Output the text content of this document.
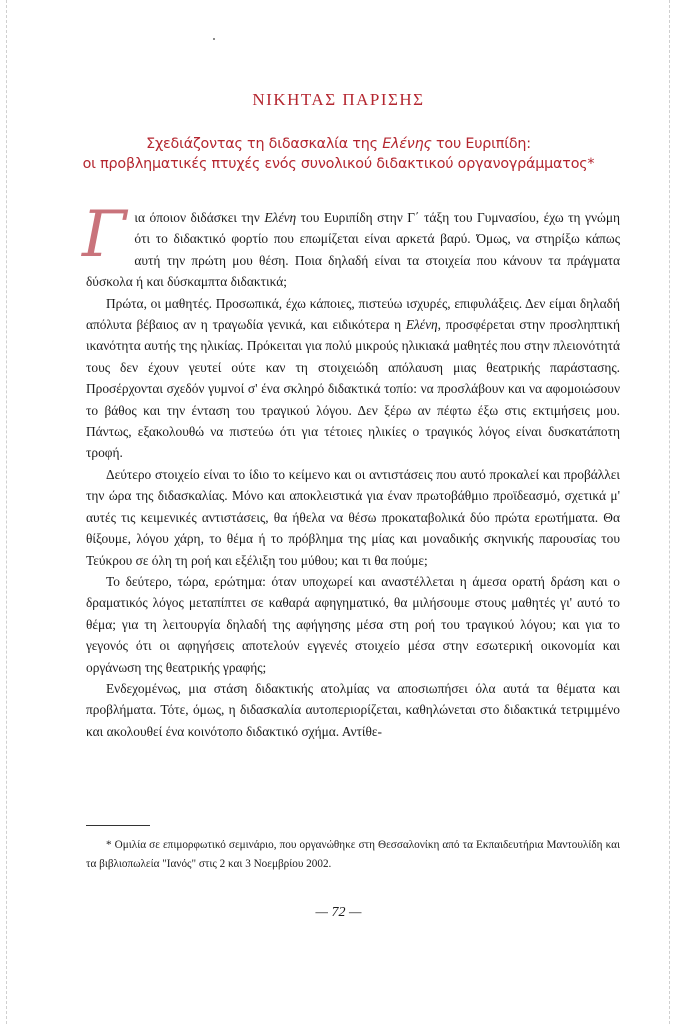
ΝΙΚΗΤΑΣ ΠΑΡΙΣΗΣ
Σχεδιάζοντας τη διδασκαλία της Ελένης του Ευριπίδη:
οι προβληματικές πτυχές ενός συνολικού διδακτικού οργανογράμματος*

Για όποιον διδάσκει την Ελένη του Ευριπίδη στην Γ΄ τάξη του Γυμνασίου, έχω τη γνώμη ότι το διδακτικό φορτίο που επωμίζεται είναι αρκετά βαρύ. Όμως, να στηρίξω κάπως αυτή την πρώτη μου θέση. Ποια δηλαδή είναι τα στοιχεία που κάνουν τα πράγματα δύσκολα ή και δύσκαμπτα διδακτικά;

Πρώτα, οι μαθητές. Προσωπικά, έχω κάποιες, πιστεύω ισχυρές, επιφυλάξεις. Δεν είμαι δηλαδή απόλυτα βέβαιος αν η τραγωδία γενικά, και ειδικότερα η Ελένη, προσφέρεται στην προσληπτική ικανότητα αυτής της ηλικίας. Πρόκειται για πολύ μικρούς ηλικιακά μαθητές που στην πλειονότητά τους δεν έχουν γευτεί ούτε καν τη στοιχειώδη απόλαυση μιας θεατρικής παράστασης. Προσέρχονται σχεδόν γυμνοί σ' ένα σκληρό διδακτικά τοπίο: να προσλάβουν και να αφομοιώσουν το βάθος και την ένταση του τραγικού λόγου. Δεν ξέρω αν πέφτω έξω στις εκτιμήσεις μου. Πάντως, εξακολουθώ να πιστεύω ότι για τέτοιες ηλικίες ο τραγικός λόγος είναι δυσκατάποτη τροφή.

Δεύτερο στοιχείο είναι το ίδιο το κείμενο και οι αντιστάσεις που αυτό προκαλεί και προβάλλει την ώρα της διδασκαλίας. Μόνο και αποκλειστικά για έναν πρωτοβάθμιο προϊδεασμό, σχετικά μ' αυτές τις κειμενικές αντιστάσεις, θα ήθελα να θέσω προκαταβολικά δύο πρώτα ερωτήματα. Θα θίξουμε, λόγου χάρη, το θέμα ή το πρόβλημα της μίας και μοναδικής σκηνικής παρουσίας του Τεύκρου σε όλη τη ροή και εξέλιξη του μύθου; και τι θα πούμε;

Το δεύτερο, τώρα, ερώτημα: όταν υποχωρεί και αναστέλλεται η άμεσα ορατή δράση και ο δραματικός λόγος μεταπίπτει σε καθαρά αφηγηματικό, θα μιλήσουμε στους μαθητές γι' αυτό το θέμα; για τη λειτουργία δηλαδή της αφήγησης μέσα στη ροή του τραγικού λόγου; και για το γεγονός ότι οι αφηγήσεις αποτελούν εγγενές στοιχείο μέσα στην εσωτερική οικονομία και οργάνωση της θεατρικής γραφής;

Ενδεχομένως, μια στάση διδακτικής ατολμίας να αποσιωπήσει όλα αυτά τα θέματα και προβλήματα. Τότε, όμως, η διδασκαλία αυτοπεριορίζεται, καθηλώνεται στο διδακτικά τετριμμένο και ακολουθεί ένα κοινότοπο διδακτικό σχήμα. Αντίθε-

* Ομιλία σε επιμορφωτικό σεμινάριο, που οργανώθηκε στη Θεσσαλονίκη από τα Εκπαιδευτήρια Μαντουλίδη και τα βιβλιοπωλεία "Ιανός" στις 2 και 3 Νοεμβρίου 2002.

— 72 —
